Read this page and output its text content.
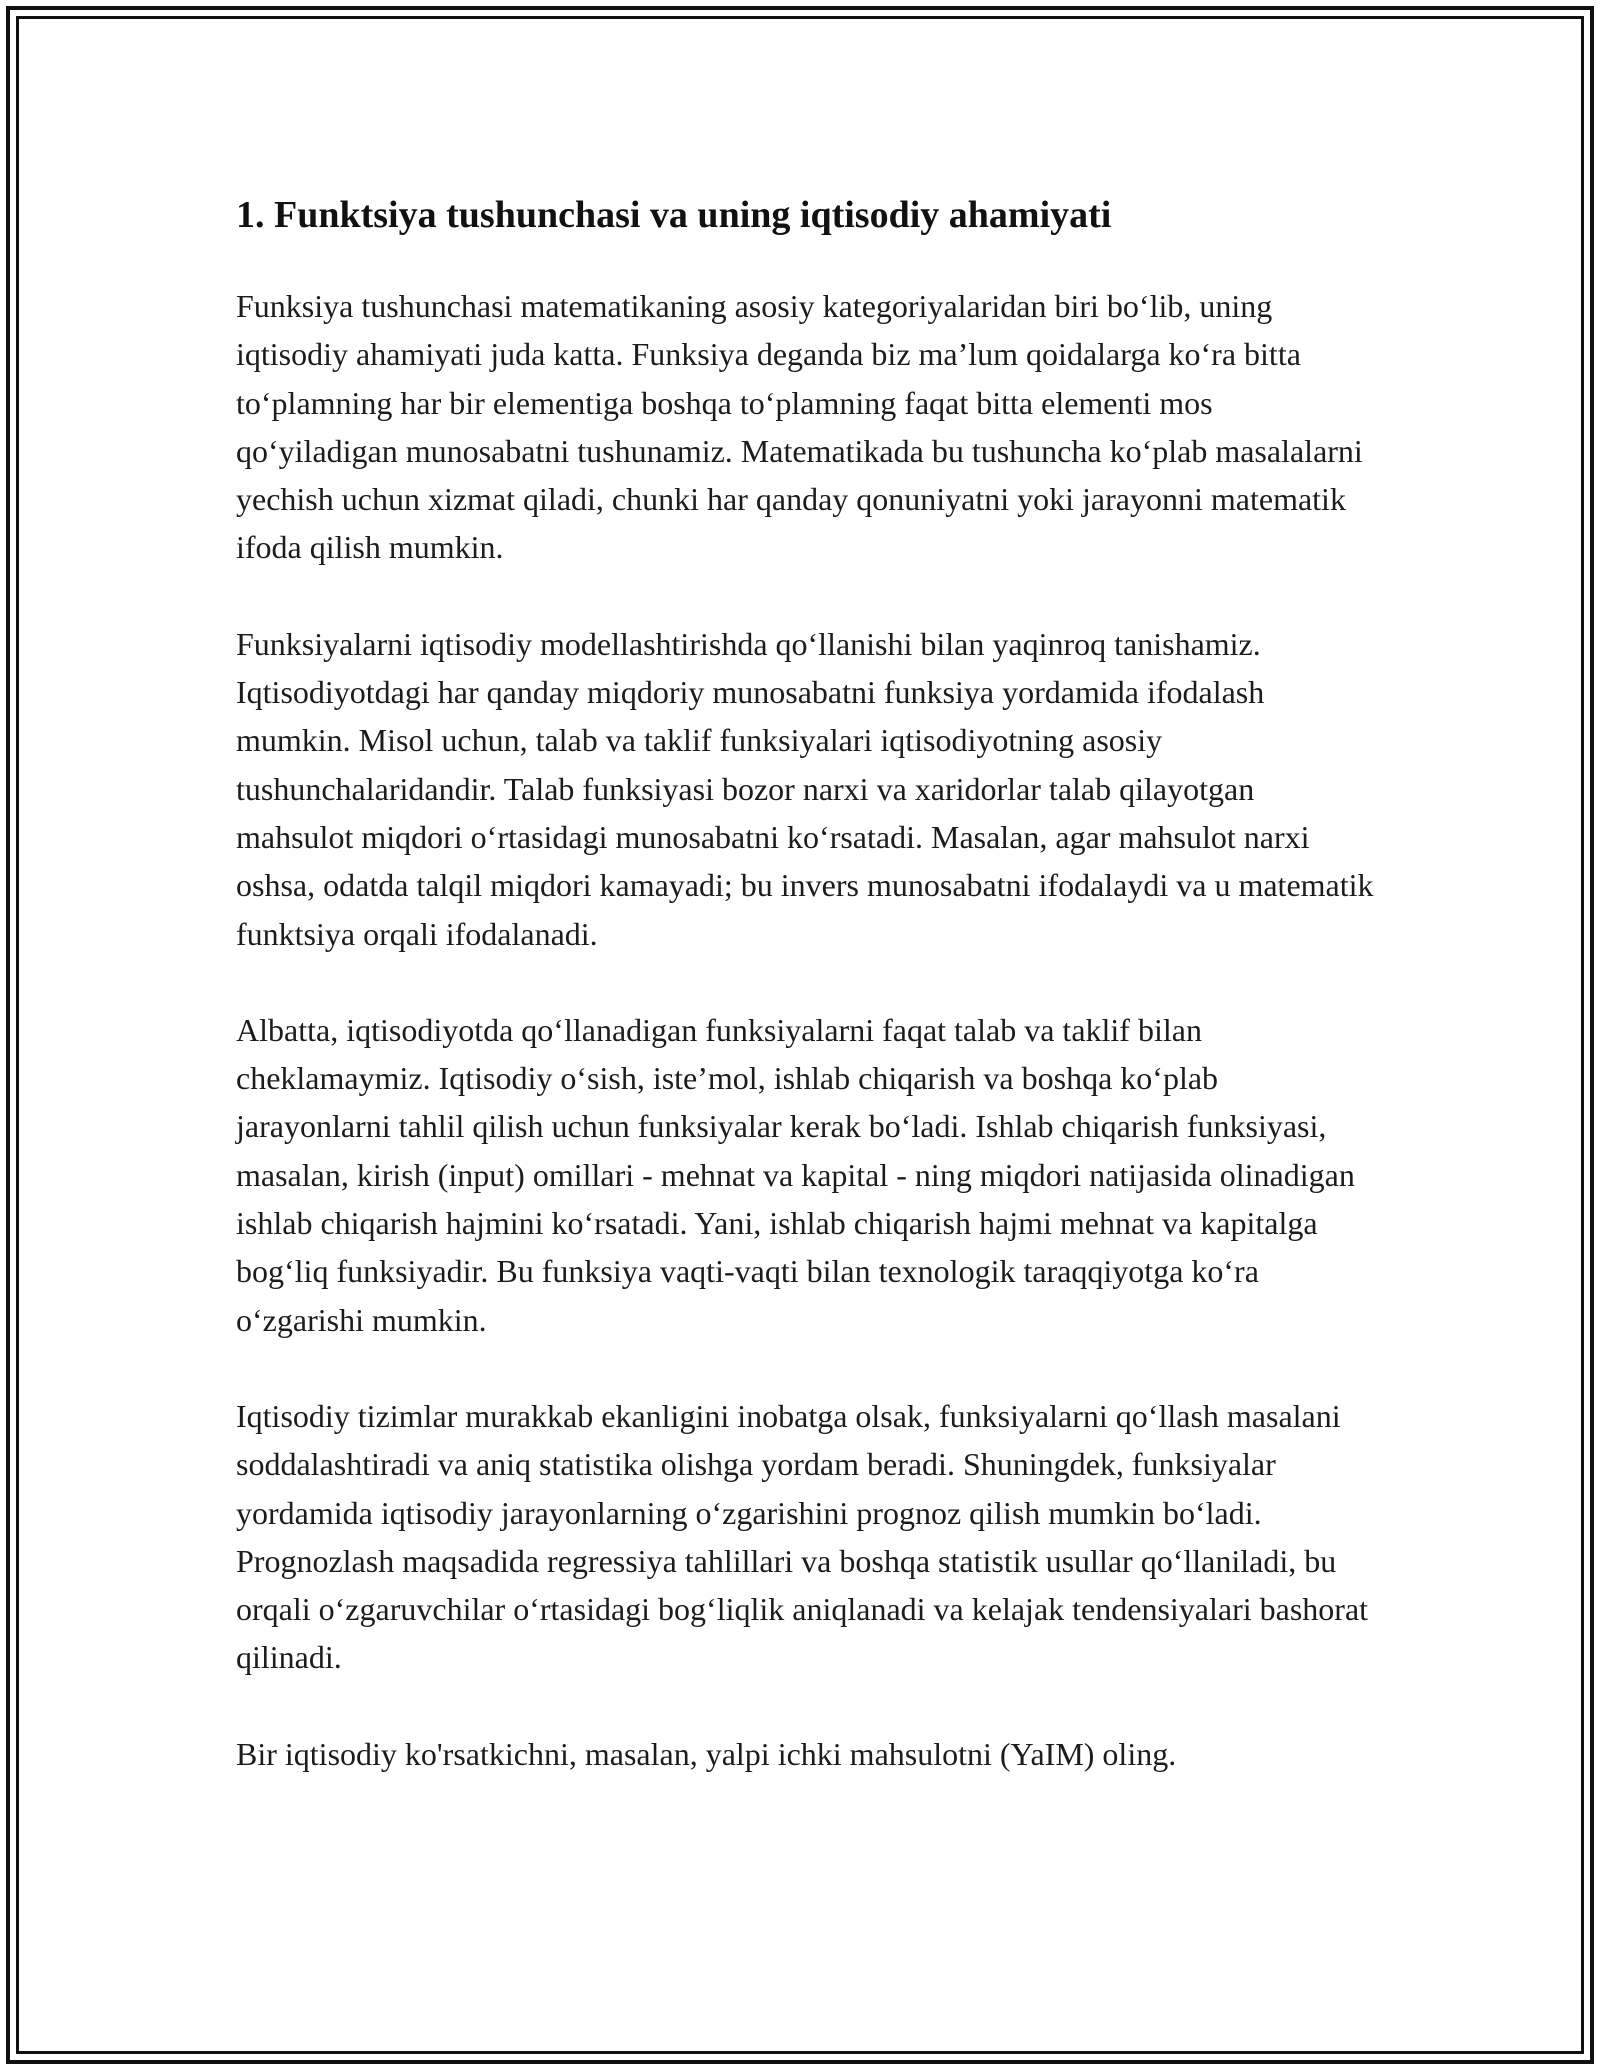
1. Funktsiya tushunchasi va uning iqtisodiy ahamiyati

Funksiya tushunchasi matematikaning asosiy kategoriyalaridan biri bo‘lib, uning iqtisodiy ahamiyati juda katta. Funksiya deganda biz ma’lum qoidalarga ko‘ra bitta to‘plamning har bir elementiga boshqa to‘plamning faqat bitta elementi mos qo‘yiladigan munosabatni tushunamiz. Matematikada bu tushuncha ko‘plab masalalarni yechish uchun xizmat qiladi, chunki har qanday qonuniyatni yoki jarayonni matematik ifoda qilish mumkin.

Funksiyalarni iqtisodiy modellashtirishda qo‘llanishi bilan yaqinroq tanishamiz. Iqtisodiyotdagi har qanday miqdoriy munosabatni funksiya yordamida ifodalash mumkin. Misol uchun, talab va taklif funksiyalari iqtisodiyotning asosiy tushunchalaridandir. Talab funksiyasi bozor narxi va xaridorlar talab qilayotgan mahsulot miqdori o‘rtasidagi munosabatni ko‘rsatadi. Masalan, agar mahsulot narxi oshsa, odatda talqil miqdori kamayadi; bu invers munosabatni ifodalaydi va u matematik funktsiya orqali ifodalanadi.

Albatta, iqtisodiyotda qo‘llanadigan funksiyalarni faqat talab va taklif bilan cheklamaymiz. Iqtisodiy o‘sish, iste’mol, ishlab chiqarish va boshqa ko‘plab jarayonlarni tahlil qilish uchun funksiyalar kerak bo‘ladi. Ishlab chiqarish funksiyasi, masalan, kirish (input) omillari - mehnat va kapital - ning miqdori natijasida olinadigan ishlab chiqarish hajmini ko‘rsatadi. Yani, ishlab chiqarish hajmi mehnat va kapitalga bog‘liq funksiyadir. Bu funksiya vaqti-vaqti bilan texnologik taraqqiyotga ko‘ra o‘zgarishi mumkin.

Iqtisodiy tizimlar murakkab ekanligini inobatga olsak, funksiyalarni qo‘llash masalani soddalashtiradi va aniq statistika olishga yordam beradi. Shuningdek, funksiyalar yordamida iqtisodiy jarayonlarning o‘zgarishini prognoz qilish mumkin bo‘ladi. Prognozlash maqsadida regressiya tahlillari va boshqa statistik usullar qo‘llaniladi, bu orqali o‘zgaruvchilar o‘rtasidagi bog‘liqlik aniqlanadi va kelajak tendensiyalari bashorat qilinadi.

Bir iqtisodiy ko'rsatkichni, masalan, yalpi ichki mahsulotni (YaIM) oling.
